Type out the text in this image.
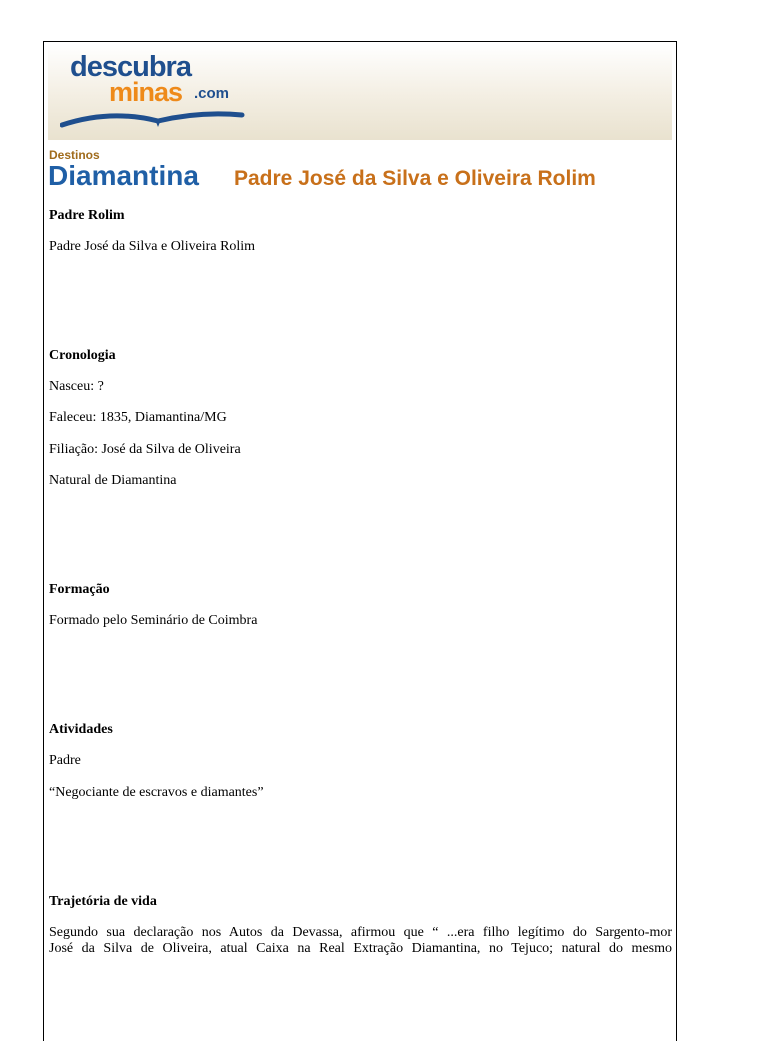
descubra
minas .com
Destinos
Diamantina Padre José da Silva e Oliveira Rolim
Padre Rolim
Padre José da Silva e Oliveira Rolim
Cronologia
Nasceu: ?
Faleceu: 1835, Diamantina/MG
Filiação: José da Silva de Oliveira
Natural de Diamantina
Formação
Formado pelo Seminário de Coimbra
Atividades
Padre
“Negociante de escravos e diamantes”
Trajetória de vida
Segundo sua declaração nos Autos da Devassa, afirmou que “ ...era filho legítimo do Sargento-mor
José da Silva de Oliveira, atual Caixa na Real Extração Diamantina, no Tejuco; natural do mesmo
